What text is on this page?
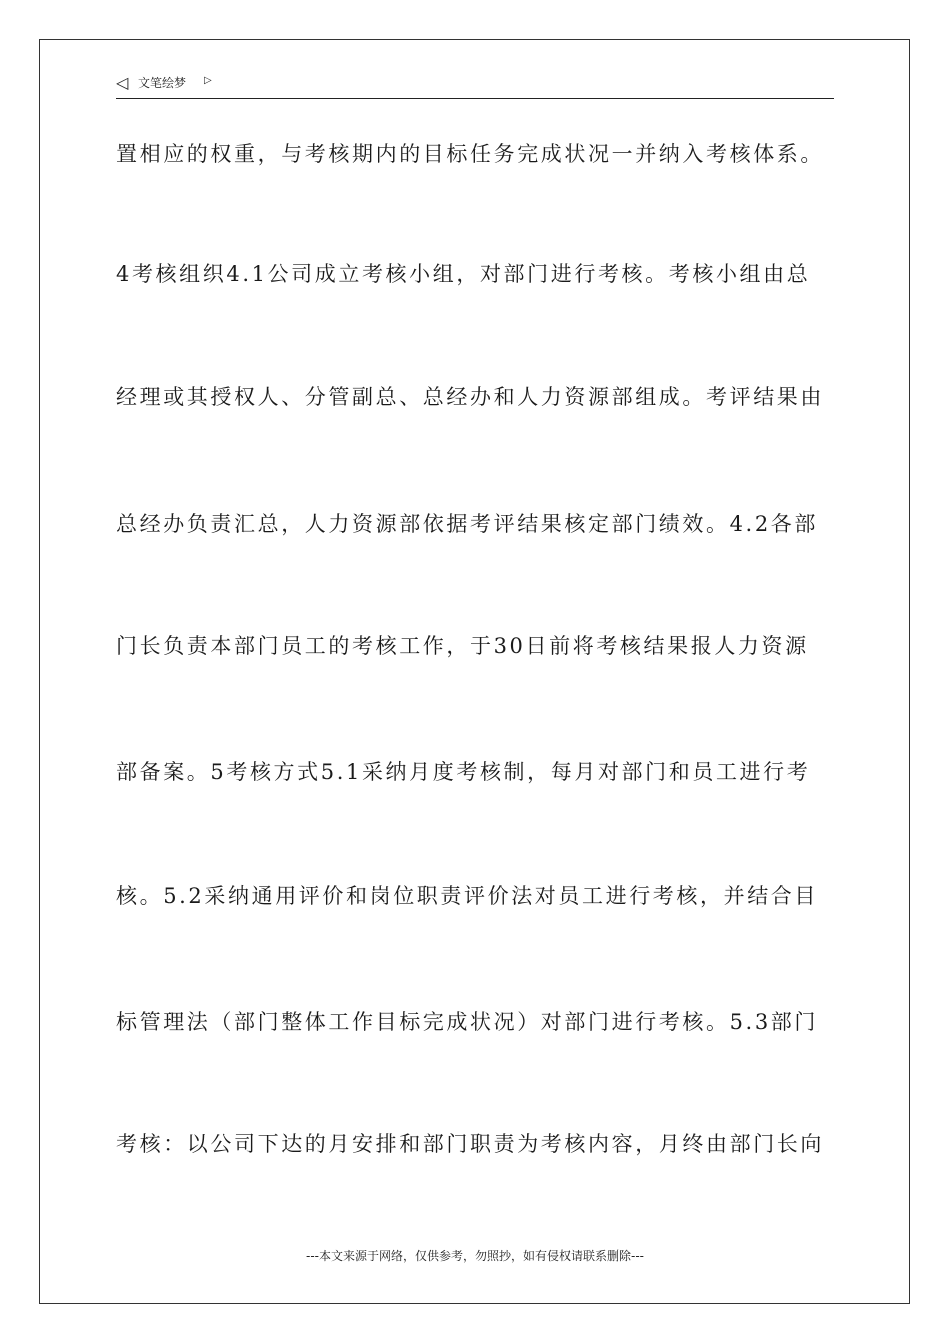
◁ 文笔绘梦 ▷
置相应的权重，与考核期内的目标任务完成状况一并纳入考核体系。
4考核组织4.1公司成立考核小组，对部门进行考核。考核小组由总
经理或其授权人、分管副总、总经办和人力资源部组成。考评结果由
总经办负责汇总，人力资源部依据考评结果核定部门绩效。4.2各部
门长负责本部门员工的考核工作，于30日前将考核结果报人力资源
部备案。5考核方式5.1采纳月度考核制，每月对部门和员工进行考
核。5.2采纳通用评价和岗位职责评价法对员工进行考核，并结合目
标管理法（部门整体工作目标完成状况）对部门进行考核。5.3部门
考核：以公司下达的月安排和部门职责为考核内容，月终由部门长向
---本文来源于网络，仅供参考，勿照抄，如有侵权请联系删除---
